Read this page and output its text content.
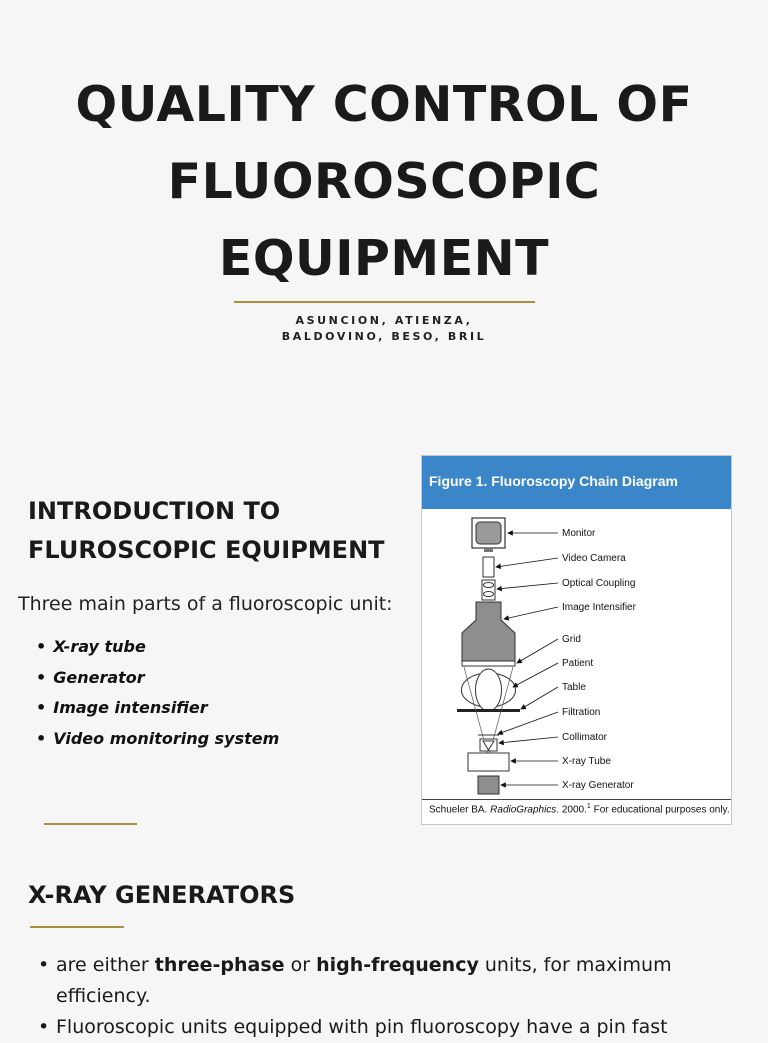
QUALITY CONTROL OF
FLUOROSCOPIC
EQUIPMENT
ASUNCION, ATIENZA,
BALDOVINO, BESO, BRIL
INTRODUCTION TO
FLUROSCOPIC EQUIPMENT

Three main parts of a fluoroscopic unit:

• X-ray tube
• Generator
• Image intensifier
• Video monitoring system
Figure 1. Fluoroscopy Chain Diagram
Monitor
Video Camera
Optical Coupling
Image Intensifier
Grid
Patient
Table
Filtration
Collimator
X-ray Tube
X-ray Generator
Schueler BA. RadioGraphics. 2000.$^1$ For educational purposes only.
X-RAY GENERATORS
• are either three-phase or high-frequency units, for maximum efficiency.
• Fluoroscopic units equipped with pin fluoroscopy have a pin fast
